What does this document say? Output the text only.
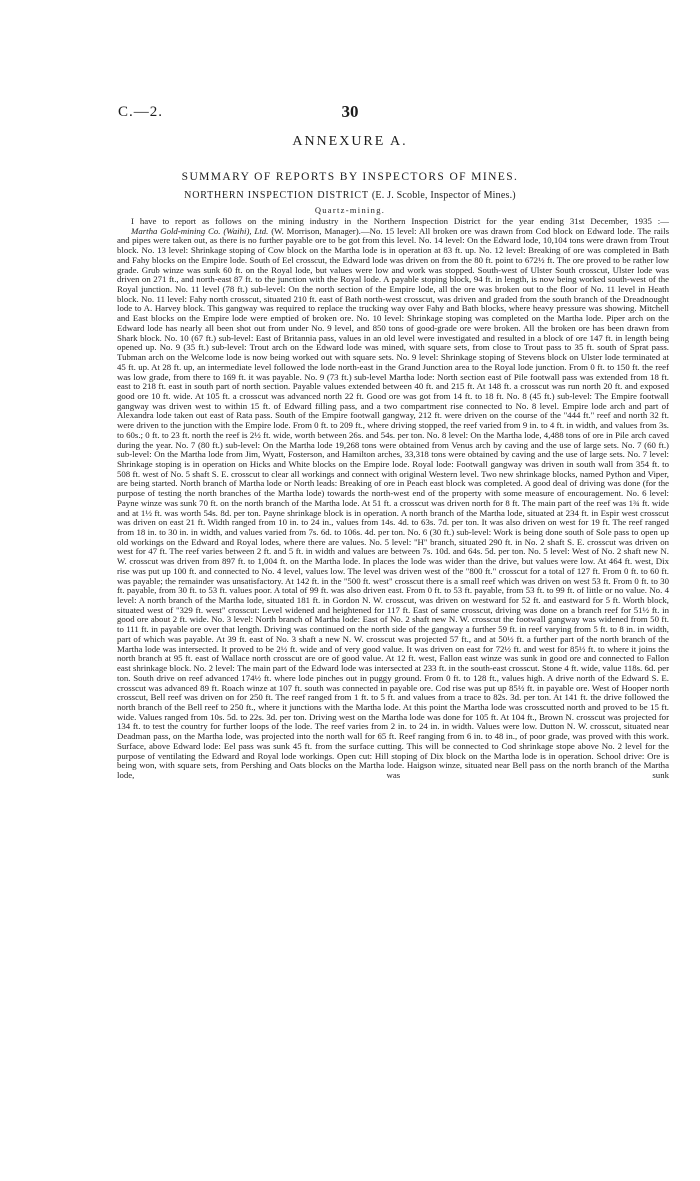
C.—2.	30
ANNEXURE A.
SUMMARY OF REPORTS BY INSPECTORS OF MINES.
NORTHERN INSPECTION DISTRICT (E. J. Scoble, Inspector of Mines.)
Quartz-mining.

I have to report as follows on the mining industry in the Northern Inspection District for the year ending 31st December, 1935 :—

Martha Gold-mining Co. (Waihi), Ltd. (W. Morrison, Manager).—No. 15 level: All broken ore was drawn from Cod block on Edward lode. The rails and pipes were taken out, as there is no further payable ore to be got from this level. No. 14 level: On the Edward lode, 10,104 tons were drawn from Trout block. No. 13 level: Shrinkage stoping of Cow block on the Martha lode is in operation at 83 ft. up. No. 12 level: Breaking of ore was completed in Bath and Fahy blocks on the Empire lode. South of Eel crosscut, the Edward lode was driven on from the 80 ft. point to 672½ ft. The ore proved to be rather low grade. Grub winze was sunk 60 ft. on the Royal lode, but values were low and work was stopped. South-west of Ulster South crosscut, Ulster lode was driven on 271 ft., and north-east 87 ft. to the junction with the Royal lode. A payable stoping block, 94 ft. in length, is now being worked south-west of the Royal junction. No. 11 level (78 ft.) sub-level: On the north section of the Empire lode, all the ore was broken out to the floor of No. 11 level in Heath block. No. 11 level: Fahy north crosscut, situated 210 ft. east of Bath north-west crosscut, was driven and graded from the south branch of the Dreadnought lode to A. Harvey block. This gangway was required to replace the trucking way over Fahy and Bath blocks, where heavy pressure was showing. Mitchell and East blocks on the Empire lode were emptied of broken ore. No. 10 level: Shrinkage stoping was completed on the Martha lode. Piper arch on the Edward lode has nearly all been shot out from under No. 9 level, and 850 tons of good-grade ore were broken. All the broken ore has been drawn from Shark block. No. 10 (67 ft.) sub-level: East of Britannia pass, values in an old level were investigated and resulted in a block of ore 147 ft. in length being opened up. No. 9 (35 ft.) sub-level: Trout arch on the Edward lode was mined, with square sets, from close to Trout pass to 35 ft. south of Sprat pass. Tubman arch on the Welcome lode is now being worked out with square sets. No. 9 level: Shrinkage stoping of Stevens block on Ulster lode terminated at 45 ft. up. At 28 ft. up, an intermediate level followed the lode north-east in the Grand Junction area to the Royal lode junction. From 0 ft. to 150 ft. the reef was low grade, from there to 169 ft. it was payable. No. 9 (73 ft.) sub-level Martha lode: North section east of Pile footwall pass was extended from 18 ft. east to 218 ft. east in south part of north section. Payable values extended between 40 ft. and 215 ft. At 148 ft. a crosscut was run north 20 ft. and exposed good ore 10 ft. wide. At 105 ft. a crosscut was advanced north 22 ft. Good ore was got from 14 ft. to 18 ft. No. 8 (45 ft.) sub-level: The Empire footwall gangway was driven west to within 15 ft. of Edward filling pass, and a two compartment rise connected to No. 8 level. Empire lode arch and part of Alexandra lode taken out east of Rata pass. South of the Empire footwall gangway, 212 ft. were driven on the course of the "444 ft." reef and north 32 ft. were driven to the junction with the Empire lode. From 0 ft. to 209 ft., where driving stopped, the reef varied from 9 in. to 4 ft. in width, and values from 3s. to 60s.; 0 ft. to 23 ft. north the reef is 2½ ft. wide, worth between 26s. and 54s. per ton. No. 8 level: On the Martha lode, 4,488 tons of ore in Pile arch caved during the year. No. 7 (80 ft.) sub-level: On the Martha lode 19,268 tons were obtained from Venus arch by caving and the use of large sets. No. 7 (60 ft.) sub-level: On the Martha lode from Jim, Wyatt, Fosterson, and Hamilton arches, 33,318 tons were obtained by caving and the use of large sets. No. 7 level: Shrinkage stoping is in operation on Hicks and White blocks on the Empire lode. Royal lode: Footwall gangway was driven in south wall from 354 ft. to 508 ft. west of No. 5 shaft S. E. crosscut to clear all workings and connect with original Western level. Two new shrinkage blocks, named Python and Viper, are being started. North branch of Martha lode or North leads: Breaking of ore in Peach east block was completed. A good deal of driving was done (for the purpose of testing the north branches of the Martha lode) towards the north-west end of the property with some measure of encouragement. No. 6 level: Payne winze was sunk 70 ft. on the north branch of the Martha lode. At 51 ft. a crosscut was driven north for 8 ft. The main part of the reef was 1¾ ft. wide and at 1½ ft. was worth 54s. 8d. per ton. Payne shrinkage block is in operation. A north branch of the Martha lode, situated at 234 ft. in Espir west crosscut was driven on east 21 ft. Width ranged from 10 in. to 24 in., values from 14s. 4d. to 63s. 7d. per ton. It was also driven on west for 19 ft. The reef ranged from 18 in. to 30 in. in width, and values varied from 7s. 6d. to 106s. 4d. per ton. No. 6 (30 ft.) sub-level: Work is being done south of Sole pass to open up old workings on the Edward and Royal lodes, where there are values. No. 5 level: "H" branch, situated 290 ft. in No. 2 shaft S. E. crosscut was driven on west for 47 ft. The reef varies between 2 ft. and 5 ft. in width and values are between 7s. 10d. and 64s. 5d. per ton. No. 5 level: West of No. 2 shaft new N. W. crosscut was driven from 897 ft. to 1,004 ft. on the Martha lode. In places the lode was wider than the drive, but values were low. At 464 ft. west, Dix rise was put up 100 ft. and connected to No. 4 level, values low. The level was driven west of the "800 ft." crosscut for a total of 127 ft. From 0 ft. to 60 ft. was payable; the remainder was unsatisfactory. At 142 ft. in the "500 ft. west" crosscut there is a small reef which was driven on west 53 ft. From 0 ft. to 30 ft. payable, from 30 ft. to 53 ft. values poor. A total of 99 ft. was also driven east. From 0 ft. to 53 ft. payable, from 53 ft. to 99 ft. of little or no value. No. 4 level: A north branch of the Martha lode, situated 181 ft. in Gordon N. W. crosscut, was driven on westward for 52 ft. and eastward for 5 ft. Worth block, situated west of "329 ft. west" crosscut: Level widened and heightened for 117 ft. East of same crosscut, driving was done on a branch reef for 51½ ft. in good ore about 2 ft. wide. No. 3 level: North branch of Martha lode: East of No. 2 shaft new N. W. crosscut the footwall gangway was widened from 50 ft. to 111 ft. in payable ore over that length. Driving was continued on the north side of the gangway a further 59 ft. in reef varying from 5 ft. to 8 in. in width, part of which was payable. At 39 ft. east of No. 3 shaft a new N. W. crosscut was projected 57 ft., and at 50½ ft. a further part of the north branch of the Martha lode was intersected. It proved to be 2½ ft. wide and of very good value. It was driven on east for 72½ ft. and west for 85½ ft. to where it joins the north branch at 95 ft. east of Wallace north crosscut are ore of good value. At 12 ft. west, Fallon east winze was sunk in good ore and connected to Fallon east shrinkage block. No. 2 level: The main part of the Edward lode was intersected at 233 ft. in the south-east crosscut. Stone 4 ft. wide, value 118s. 6d. per ton. South drive on reef advanced 174½ ft. where lode pinches out in puggy ground. From 0 ft. to 128 ft., values high. A drive north of the Edward S. E. crosscut was advanced 89 ft. Roach winze at 107 ft. south was connected in payable ore. Cod rise was put up 85½ ft. in payable ore. West of Hooper north crosscut, Bell reef was driven on for 250 ft. The reef ranged from 1 ft. to 5 ft. and values from a trace to 82s. 3d. per ton. At 141 ft. the drive followed the north branch of the Bell reef to 250 ft., where it junctions with the Martha lode. At this point the Martha lode was crosscutted north and proved to be 15 ft. wide. Values ranged from 10s. 5d. to 22s. 3d. per ton. Driving west on the Martha lode was done for 105 ft. At 104 ft., Brown N. crosscut was projected for 134 ft. to test the country for further loops of the lode. The reef varies from 2 in. to 24 in. in width. Values were low. Dutton N. W. crosscut, situated near Deadman pass, on the Martha lode, was projected into the north wall for 65 ft. Reef ranging from 6 in. to 48 in., of poor grade, was proved with this work. Surface, above Edward lode: Eel pass was sunk 45 ft. from the surface cutting. This will be connected to Cod shrinkage stope above No. 2 level for the purpose of ventilating the Edward and Royal lode workings. Open cut: Hill stoping of Dix block on the Martha lode is in operation. School drive: Ore is being won, with square sets, from Pershing and Oats blocks on the Martha lode. Haigson winze, situated near Bell pass on the north branch of the Martha lode, was sunk
